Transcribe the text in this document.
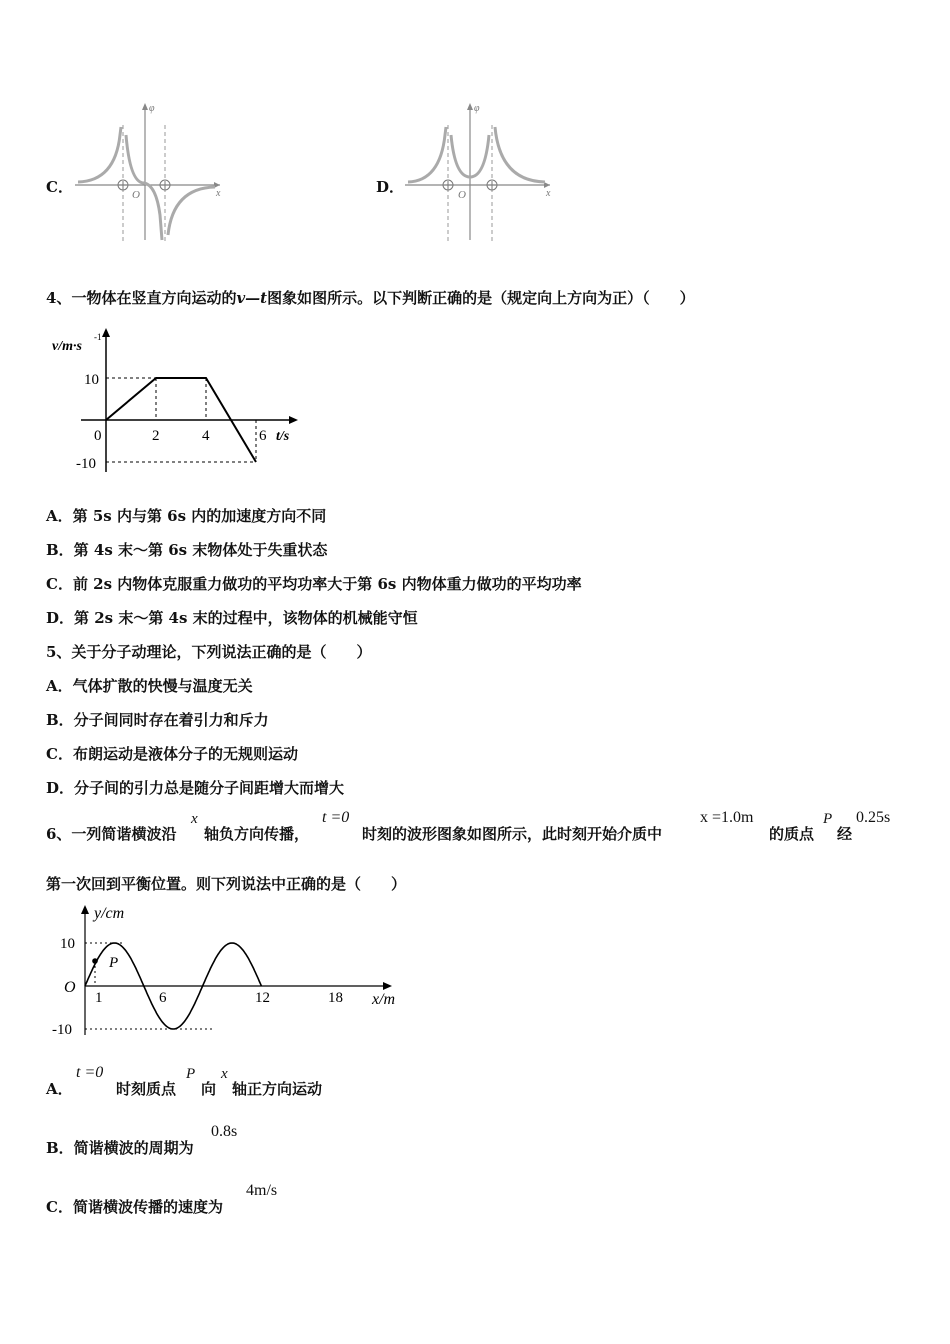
C．
φ
x
O	D．
φ
x
O
4、一物体在竖直方向运动的v—t图象如图所示。以下判断正确的是（规定向上方向为正）（　　）
v/m·s
-1
10
-10
0	2	4	6 t/s
A．第 5s 内与第 6s 内的加速度方向不同
B．第 4s 末～第 6s 末物体处于失重状态
C．前 2s 内物体克服重力做功的平均功率大于第 6s 内物体重力做功的平均功率
D．第 2s 末～第 4s 末的过程中，该物体的机械能守恒
5、关于分子动理论，下列说法正确的是（　　）
A．气体扩散的快慢与温度无关
B．分子间同时存在着引力和斥力
C．布朗运动是液体分子的无规则运动
D．分子间的引力总是随分子间距增大而增大
6、一列简谐横波沿
x
轴负方向传播，
t =0
时刻的波形图象如图所示，此时刻开始介质中
x =1.0m
的质点
P
经
0.25s
第一次回到平衡位置。则下列说法中正确的是（　　）
P
y/cm
10
-10
O
1	6	12	18 x/m
A．
t =0
时刻质点
P
向
x
轴正方向运动
B．简谐横波的周期为
0.8s
C．简谐横波传播的速度为
4m/s
